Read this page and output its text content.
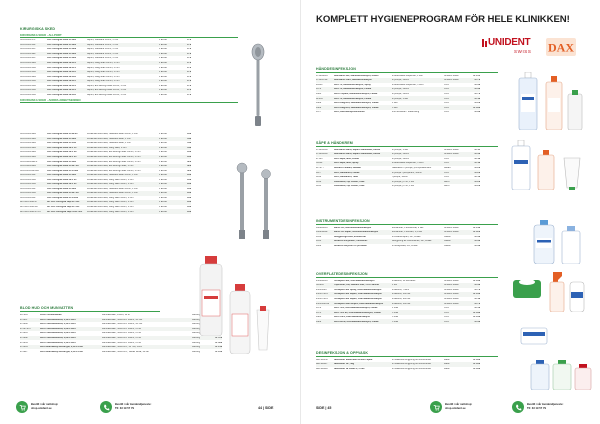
KIRURGISKA SKED
KIRURGISKA SKED - ALLPORT
CKLC1001STP	CKL Kirurgisk sked FPB24	Allport, Standard 33mm, 1 mm	1 Enhet	179
CKLC1001SSP	CKL Kirurgisk sked FPB20	Allport, Standard 33mm, 1 mm	1 Enhet	179
CKLC1001SPP	CKL Kirurgisk sked FPB29	Allport, Standard 33mm, 1 mm	1 Enhet	179
CKLC1001SRP	CKL Kirurgisk sked FPB20	Allport, Standard 33mm, 1 mm	1 Enhet	179
CKLC1001SPP	CKL Kirurgisk sked FPB23	Allport, Standard 33mm, 1 mm	1 Enhet	179
CKLC1001SRA	CKL Kirurgisk sked ALL24	Allport, Lang skaft 33mm, 1 mm	1 Enhet	179
CKLC1001SSA	CKL Kirurgisk sked ALL21	Allport, Lang skaft 33mm, 1 mm	1 Enhet	179
CKLC1001SSA	CKL Kirurgisk sked ALL20	Allport, Lang skaft 33mm, 1 mm	1 Enhet	179
CKLC1001SRA	CKL Kirurgisk sked ALL28	Allport, Lang skaft 33mm, 1 mm	1 Enhet	179
CKLC1001SSA	CKL Kirurgisk sked ALL25	Allport, Lang skaft 33mm, 1 mm	1 Enhet	179
CKLC1001SSA	CKL Kirurgisk sked ALL24	Allport, Ext.skurvigt skaft 33mm, 1 mm	1 Enhet	179
CKLC1001SSA	CKL Kirurgisk sked ALL24	Allport, Ext.skurvigt skaft 33mm, 1 mm	1 Enhet	179
CKLC1001SSA	CKL Kirurgisk sked ALL28	Allport, Ext.skurvigt skaft 33mm, 1 mm	1 Enhet	179
KIRURGISKA SKED - ANDRA ARBETSENDEN
CKLC1001SRA	CKL Kirurgisk sked FLGL24	Lindemannfrerrfrees, Standard skaft 33mm, 1 mm	1 Enhet	189
CKLC1001SRA	CKL Kirurgisk sked FPB20	Lindemannfrerrfrees, Standard skaft, 1 mm	1 Enhet	449
CKLC1001SRA	CKL Kirurgisk sked FPB10	Lindemannfrerrfrees, Standard skaft, 1 mm	1 Enhet	449
CKLC1001SRA	CKL Kirurgisk sked ALL 10	Lindemannfrerrfrees, Lang skaft, 1 mm	1 Enhet	449
CKLC1001SRA	CKL Kirurgisk sked ALL 28	Lindemannfrerrfrees, Ext.skurvigt skaft 33mm, 1 mm	1 Enhet	189
CKLC1001SRA	CKL Kirurgisk sked ALL 24	Lindemannfrerrfrees, Ext.skurvigt skaft 33mm, 1 mm	1 Enhet	189
CKLC4000SRP4	CKL Kirurgisk sked FPB34	Lindemannfrerrfrees, Ext.skurvigt skaft 33mm, 1 mm	1 Enhet	329
CKLC4000SRA	CKL Kirurgisk sked FLGL SA	Lindemannfrerrfrees, Ext.skurvigt skaft, 1 mm	1 Enhet	329
CKLC4C1010SSA	CKL Kirurgisk sked FPB 388	Lindemannfrerrfrees, Ext.skurvigt skaft 33mm, 1 mm	1 Enhet	329
CKLC1001SSP	CKL Kirurgisk sked FPB24	Lindemannfrerrfrees, Standard skaft 33mm, 1 mm	1 Enhet	189
CKLC1001SSA	CKL Kirurgisk sked ALL 20	Lindemannfrerrfrees, Lang skaft 33mm, 1 mm	1 Enhet	189
CKLC1001SSA	CKL Kirurgisk sked ALL 20	Lindemannfrerrfrees, Lang skaft 33mm, 1 mm	1 Enhet	189
CKLC1001SSP	CKL Kirurgisk sked FPB23	Lindemannfrerrfrees, Standard skaft 33mm, 1 mm	1 Enhet	189
CKLC1001SSA	CKL Kirurgisk sked FLGL SA	Lindemannfrerrfrees, Standard skaft 33mm, 1 mm	1 Enhet	189
CKLC1000SSP	CKL Kirurgisk sked FPB 288	Lindemannfrerrfrees, Lang skaft 33mm, 1 mm	1 Enhet	189
RPCKLC1001ST	RP CKL Kirurgisk Sep RP 024	Lindemannfrerrfrees, Lang skaft 33mm, 1 mm	1 Enhet	189
RPCKLC1001SR	RP CKL Kirurgisk Sep RP 024	Lindemannfrerrfrees, Lang skaft 33mm, 1 mm	1 Enhet	189
RPCKLC1001STUS	RP CKL Kirurgisk Sep FLGL 024	Lindemannfrerrfrees, Lang skaft 33mm, 1 mm	1 Enhet	189
BLOD HUD OCH MUNVATTEN
287601	Plus Profilbehandla	Munhalsvillen, 250ml, 12 st	Kartong
276867	DAX Pharmaceutical, 0,12% CHX	Munhalsvillen, 500+CPC 500ml, 12 x1lt	Kartong
276948	DAX Pharmaceutical, 0,12% CHX	Munhalsvillen, 500+CPC 500ml, 12 x1lt	Kartong
276973PH	DAX Pharmaceutical, 0,06% CHX	Munhalsvillen, 500+CPC 500ml, 6 x1lt	Kartong
276941	DAX Pharmaceutical, 0,06% CHX	Munhalsvillen, 500+CPC 500ml, 6 x1lt	Kartong
276982	DAX Pharmaceutical, 0,06% CHX	Munhalsvillen, 500+CPC 500ml, 6 x1lt	Kartong	kr 729
276934	DAX Pharmaceutical, 0,12% CHX	Munhalsvillen, 500+CPC 500ml, 6 x1lt	Kartong	kr 339
276944	DAX Mouthwasy Dental gel, 0,12% CHX	Munhalsvillen, 500+CPC, 12 Tub, 50ml	Kartong	kr 149
276927	DAX Mouthwasy Dental gel, 0,12% CHX	Munhalsvillen, 500+CPC, Tandkr skiva, 12 stk	Kartong	kr 139
Bestill i vår nettshop:
shop.unident.se
Bestill i vår kundendjeneste:
Tlf. 33 19 57 79	44 | SIDE
KOMPLETT HYGIENEPROGRAM FÖR HELE KLINIKKEN!
UNIDENT
SWISS DAX
HÅNDDESINFEKSJON
179664684	Desmanol Gel, Handdesinfeksjon, Afluss	til automatisk dispenser, 1 liter	Unident Swiss	kr 153
179664792	Desmanol Care, Handdesinfeksjon	til pumpe, 500ml	Unident Swiss	kr 79
40430	DAX 76, Handdesinfeksjon, Spray	til automatisk dispenser, 750ml	OCC	kr 69
0372	DAX 76, Handdesinfeksjon, Fluide	til pumpe, 500ml	OCC	kr 69
0464	DAX Propafit, Handdesinfeksjon, Fluide	til pumpe, 500ml	OCC	kr 79
0P243	DAX 76, Handdesinfeksjon, Fluide	til pumpe, 1 liter	OCC	kr 49
0409	DAX Allegrofit, Handdesinfeksjon, Fluide	1 liter	OCC	kr 29
0409	DAX Allegrofit, Handdesinfeksjon, Fluide	5 liter	OCC	kr 189
0477	DAX, Desinfeksjonservietter	250 servietter / boksrefong	OCC	kr 89
SÅPE & HÅNDKREM
179664569	Desmanol Hand, Sapefri Handvask, Afluss	til pumpe, 1 liter	Unident Swiss	kr 44
179664560	Desmanol Hand, Sapefri Handvask, Afluss	til pumpe, 500ml	Unident Swiss	kr 39
47105	DAX Sape, Mild, Fluide	til pumpe, 500ml	OCC	kr 49
50512	DAX Sape, Mild, Spray	til automatisk dispenser, 750ml	OCC	kr 49
4172T7	Decalco Pelikan, Balsam	haandkrem / pumpe, prflt spuselement	Astaro	kr 29
c117	DAX, Handkrem, Fluide	til pumpe / pumpkrem, 500ml	OCC	kr 29
6012	DAX, Handkrem, Tube	i pumpe, 100ml	OCC	kr 19
6016	Vaslintene, Lip Cream, Tube	til pumpe, pr 50, 1 stk	Astro	kr 29
6015	Vaslintene, Lip Cream, Tube	til pumpe, pr 50, 1 stk	Astro	kr 29
INSTRUMENTDESINFEKSJON
162895665	Minst UR, Instrumentdesinfeksjon	konsentrat, 3 konsentrat, 2 liter	Unident Swiss	kr 149
166856602	Minst UR Super, Instrumentdesinfeksjon	konsentrat, 3 stunder, 1,5 liter	Unident Swiss	kr 129
1058	Rengjørings-sats, konsentrat	til Roteftsfrispen, Fin, Fluide	Cattier	kr 69
1053	Bioactiv Enzymatic, Ultrasonic	Rengjoring av instrumenter, Fin, Fluide	Cattier	kr 69
1029	Bioactiv enzymer for protesen	til ultralydbad, Fin, Fluide	Cattier	kr 69
OVERFLATEDESINFEKSJON
252000005	Unisepta Plus, Overflatedesinfeksjon	til alkohol, 12 servietter	Unident Swiss	kr 139
510861	Topsstrao, KD, Handen Plat, 1 Fin Serviet	1 stk	Unident Swiss	kr 69
252P0069	Unisepta Plus Spray, Overflatedesinfeksjon	til alkohol, 750ml	Unident Swiss	kr 79
252P07015	Unisepta Plus Wipes, Overflatedesinfeksjon	til alkohol, 100 stk	Unident Swiss	kr 139
252P07015	Unisepta Plus Wipes, Overflatedesinfeksjon	til alkohol, 200 stk	Unident Swiss	kr 49
252P000019	Unisepta Foam Wipes, Overflatedesinfeksjon	til alkohol, 100 stk	Unident Swiss	kr 79
0472	DAX 70%, Overflatedesinfeksjon, Fluide	1 Liter	OCC	kr 59
0475	DAX 70% us, Overflatedesinfeksjon, Fluide	5 Liter	OCC	kr 199
0484	DAX Ultra, Overflatedesinfeksjon	5 Liter	OCC	kr 139
0489	DAX Extra, Overflatedesinfeksjon, Fluide	5 Liter	OCC	kr 69
DESINFEKSJON & OPPVASK
RRPR2630	Neodisher MediClean Active Liquid	til maskinell rengjoring av instrumenter	Miele	kr 189
RRPR2627	Neodisher SL, 5kg	til maskinell rengjoring av instrumenter	Miele	kr 189
RRPR2628	Neodisher Hi Clean A, 5 liter	til maskinell rengjoring av instrumenter	Miele	kr 189
SIDE | 45
Bestill i vår nettshop:
shop.unident.se
Bestill i vår kundendjeneste:
Tlf. 33 19 57 79
